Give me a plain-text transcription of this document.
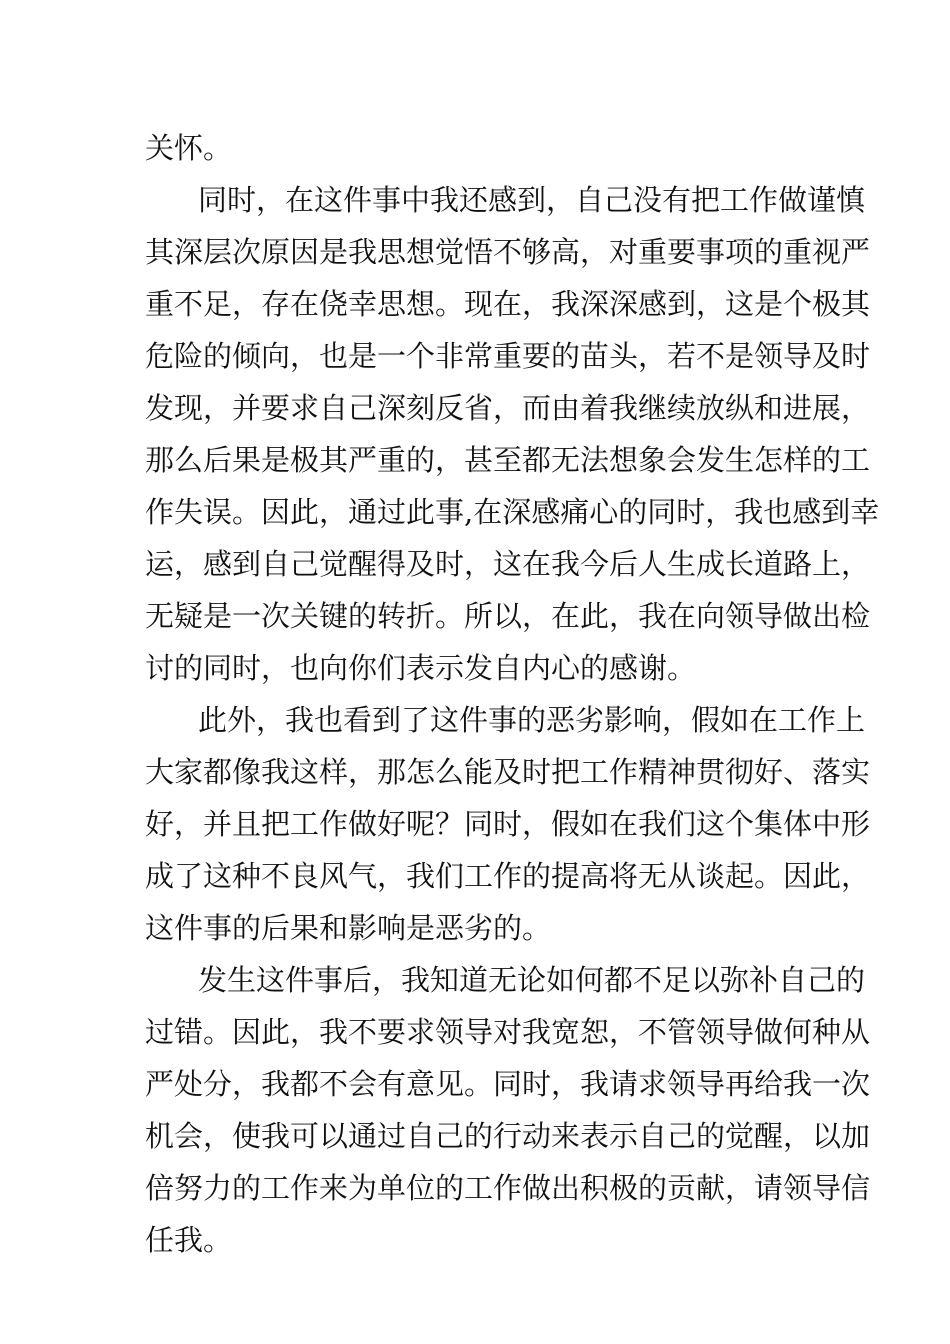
关怀。
同时，在这件事中我还感到，自己没有把工作做谨慎
其深层次原因是我思想觉悟不够高，对重要事项的重视严
重不足，存在侥幸思想。现在，我深深感到，这是个极其
危险的倾向，也是一个非常重要的苗头，若不是领导及时
发现，并要求自己深刻反省，而由着我继续放纵和进展，
那么后果是极其严重的，甚至都无法想象会发生怎样的工
作失误。因此，通过此事,在深感痛心的同时，我也感到幸
运，感到自己觉醒得及时，这在我今后人生成长道路上，
无疑是一次关键的转折。所以，在此，我在向领导做出检
讨的同时，也向你们表示发自内心的感谢。
此外，我也看到了这件事的恶劣影响，假如在工作上
大家都像我这样，那怎么能及时把工作精神贯彻好、落实
好，并且把工作做好呢？同时，假如在我们这个集体中形
成了这种不良风气，我们工作的提高将无从谈起。因此，
这件事的后果和影响是恶劣的。
发生这件事后，我知道无论如何都不足以弥补自己的
过错。因此，我不要求领导对我宽恕，不管领导做何种从
严处分，我都不会有意见。同时，我请求领导再给我一次
机会，使我可以通过自己的行动来表示自己的觉醒，以加
倍努力的工作来为单位的工作做出积极的贡献，请领导信
任我。
